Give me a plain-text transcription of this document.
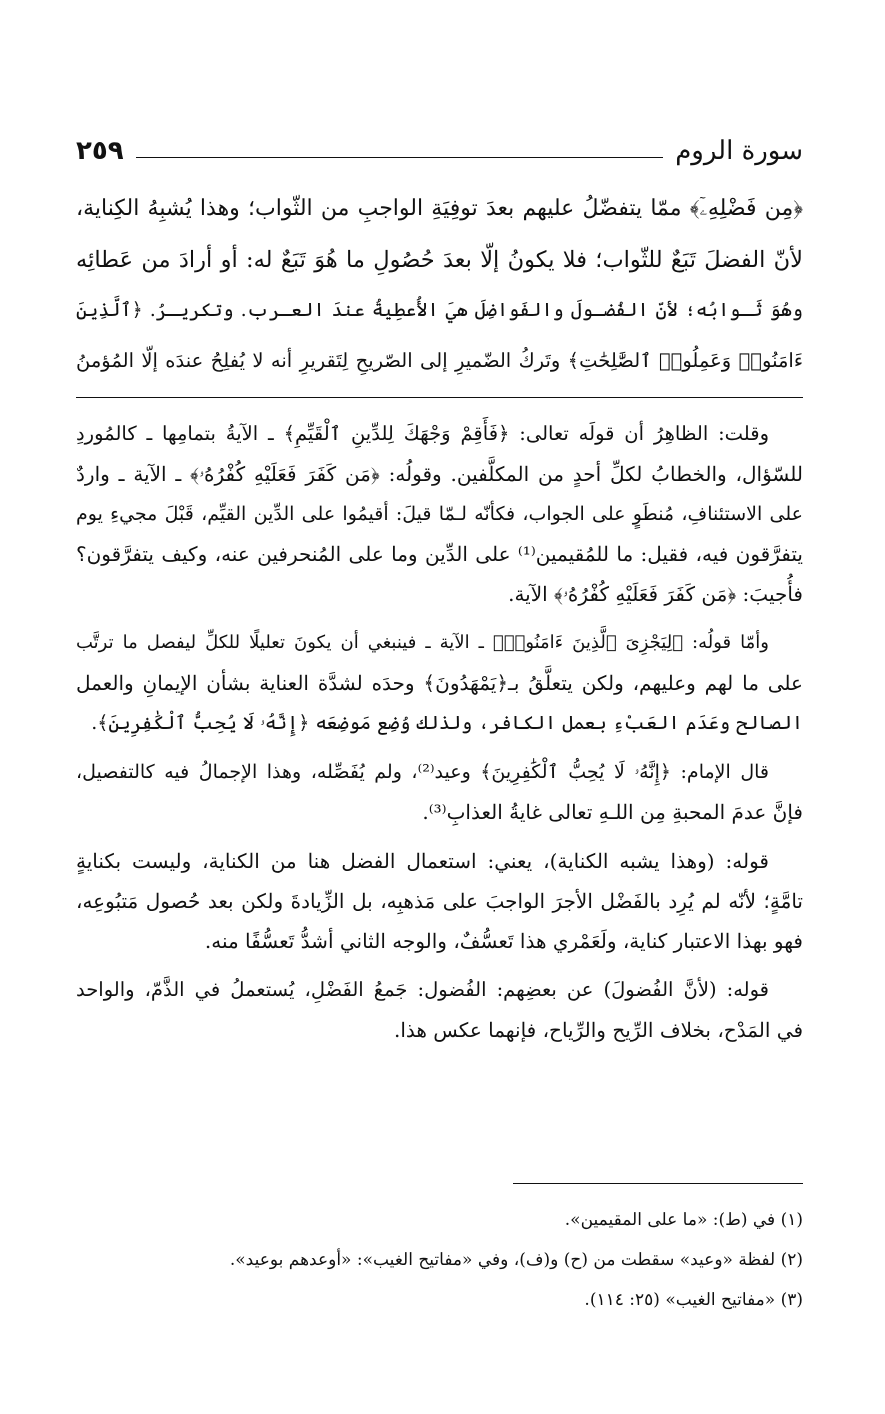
سورة الروم
٢٥٩
﴿مِن فَضْلِهِۦٓ﴾ ممّا يتفضّلُ عليهم بعدَ توفِيَةِ الواجبِ من الثّواب؛ وهذا يُشبِهُ الكِناية،
لأنّ الفضلَ تَبَعٌ للثّواب؛ فلا يكونُ إلّا بعدَ حُصُولِ ما هُوَ تَبَعٌ له: أو أرادَ من عَطائِه
وهُوَ ثَـوابُه؛ لأنّ الفُضـولَ والفَواضِلَ هيَ الأُعطِيةُ عندَ العـرب. وتكريـرُ. ﴿ٱلَّذِينَ
ءَامَنُوا۟ وَعَمِلُوا۟ ٱلصَّٰلِحَٰتِ﴾ وتَركُ الضّميرِ إلى الصّريحِ لِتَقريرِ أنه لا يُفلِحُ عندَه إلّا المُؤمنُ
وقلت: الظاهِرُ أن قولَه تعالى: ﴿فَأَقِمْ وَجْهَكَ لِلدِّينِ ٱلْقَيِّمِ﴾ ـ الآيةُ بتمامِها ـ كالمُوردِ
للسّؤال، والخطابُ لكلِّ أحدٍ من المكلَّفين. وقولُه: ﴿مَن كَفَرَ فَعَلَيْهِ كُفْرُهُۥ﴾ ـ الآية ـ واردٌ
على الاستئنافِ، مُنطَوٍ على الجواب، فكأنّه لـمّا قيلَ: أقيمُوا على الدِّين القيِّم، قَبْلَ مجيءِ يوم
يتفرَّقون فيه، فقيل: ما للمُقيمين⁽¹⁾ على الدِّين وما على المُنحرفين عنه، وكيف يتفرَّقون؟
فأُجيبَ: ﴿مَن كَفَرَ فَعَلَيْهِ كُفْرُهُۥ﴾ الآية.
وأمّا قولُه: ﴿لِيَجْزِىَ ٱلَّذِينَ ءَامَنُوا۟﴾ ـ الآية ـ فينبغي أن يكونَ تعليلًا للكلِّ ليفصل ما ترتَّب
على ما لهم وعليهم، ولكن يتعلَّقُ بـ﴿يَمْهَدُونَ﴾ وحدَه لشدَّة العناية بشأن الإيمانِ والعمل
الصالح وعَدَم العَبْءِ بعمل الكافر، ولذلك وُضِع مَوضِعَه ﴿إِنَّهُۥ لَا يُحِبُّ ٱلْكَٰفِرِينَ﴾.
قال الإمام: ﴿إِنَّهُۥ لَا يُحِبُّ ٱلْكَٰفِرِينَ﴾ وعيد⁽²⁾، ولم يُفَصِّله، وهذا الإجمالُ فيه كالتفصيل،
فإنَّ عدمَ المحبةِ مِن اللـهِ تعالى غايةُ العذابِ⁽³⁾.
قوله: (وهذا يشبه الكناية)، يعني: استعمال الفضل هنا من الكناية، وليست بكنايةٍ
تامَّةٍ؛ لأنّه لم يُرِد بالفَضْل الأجرَ الواجبَ على مَذهبِه، بل الزِّيادةَ ولكن بعد حُصول مَتبُوعِه،
فهو بهذا الاعتبار كناية، ولَعَمْري هذا تَعسُّفٌ، والوجه الثاني أشدُّ تَعسُّفًا منه.
قوله: (لأنَّ الفُضولَ) عن بعضِهم: الفُضول: جَمعُ الفَضْلِ، يُستعملُ في الذَّمّ، والواحد
في المَدْح، بخلاف الرِّيح والرِّياح، فإنهما عكس هذا.
(١) في (ط): «ما على المقيمين».
(٢) لفظة «وعيد» سقطت من (ح) و(ف)، وفي «مفاتيح الغيب»: «أوعدهم بوعيد».
(٣) «مفاتيح الغيب» (٢٥: ١١٤).
